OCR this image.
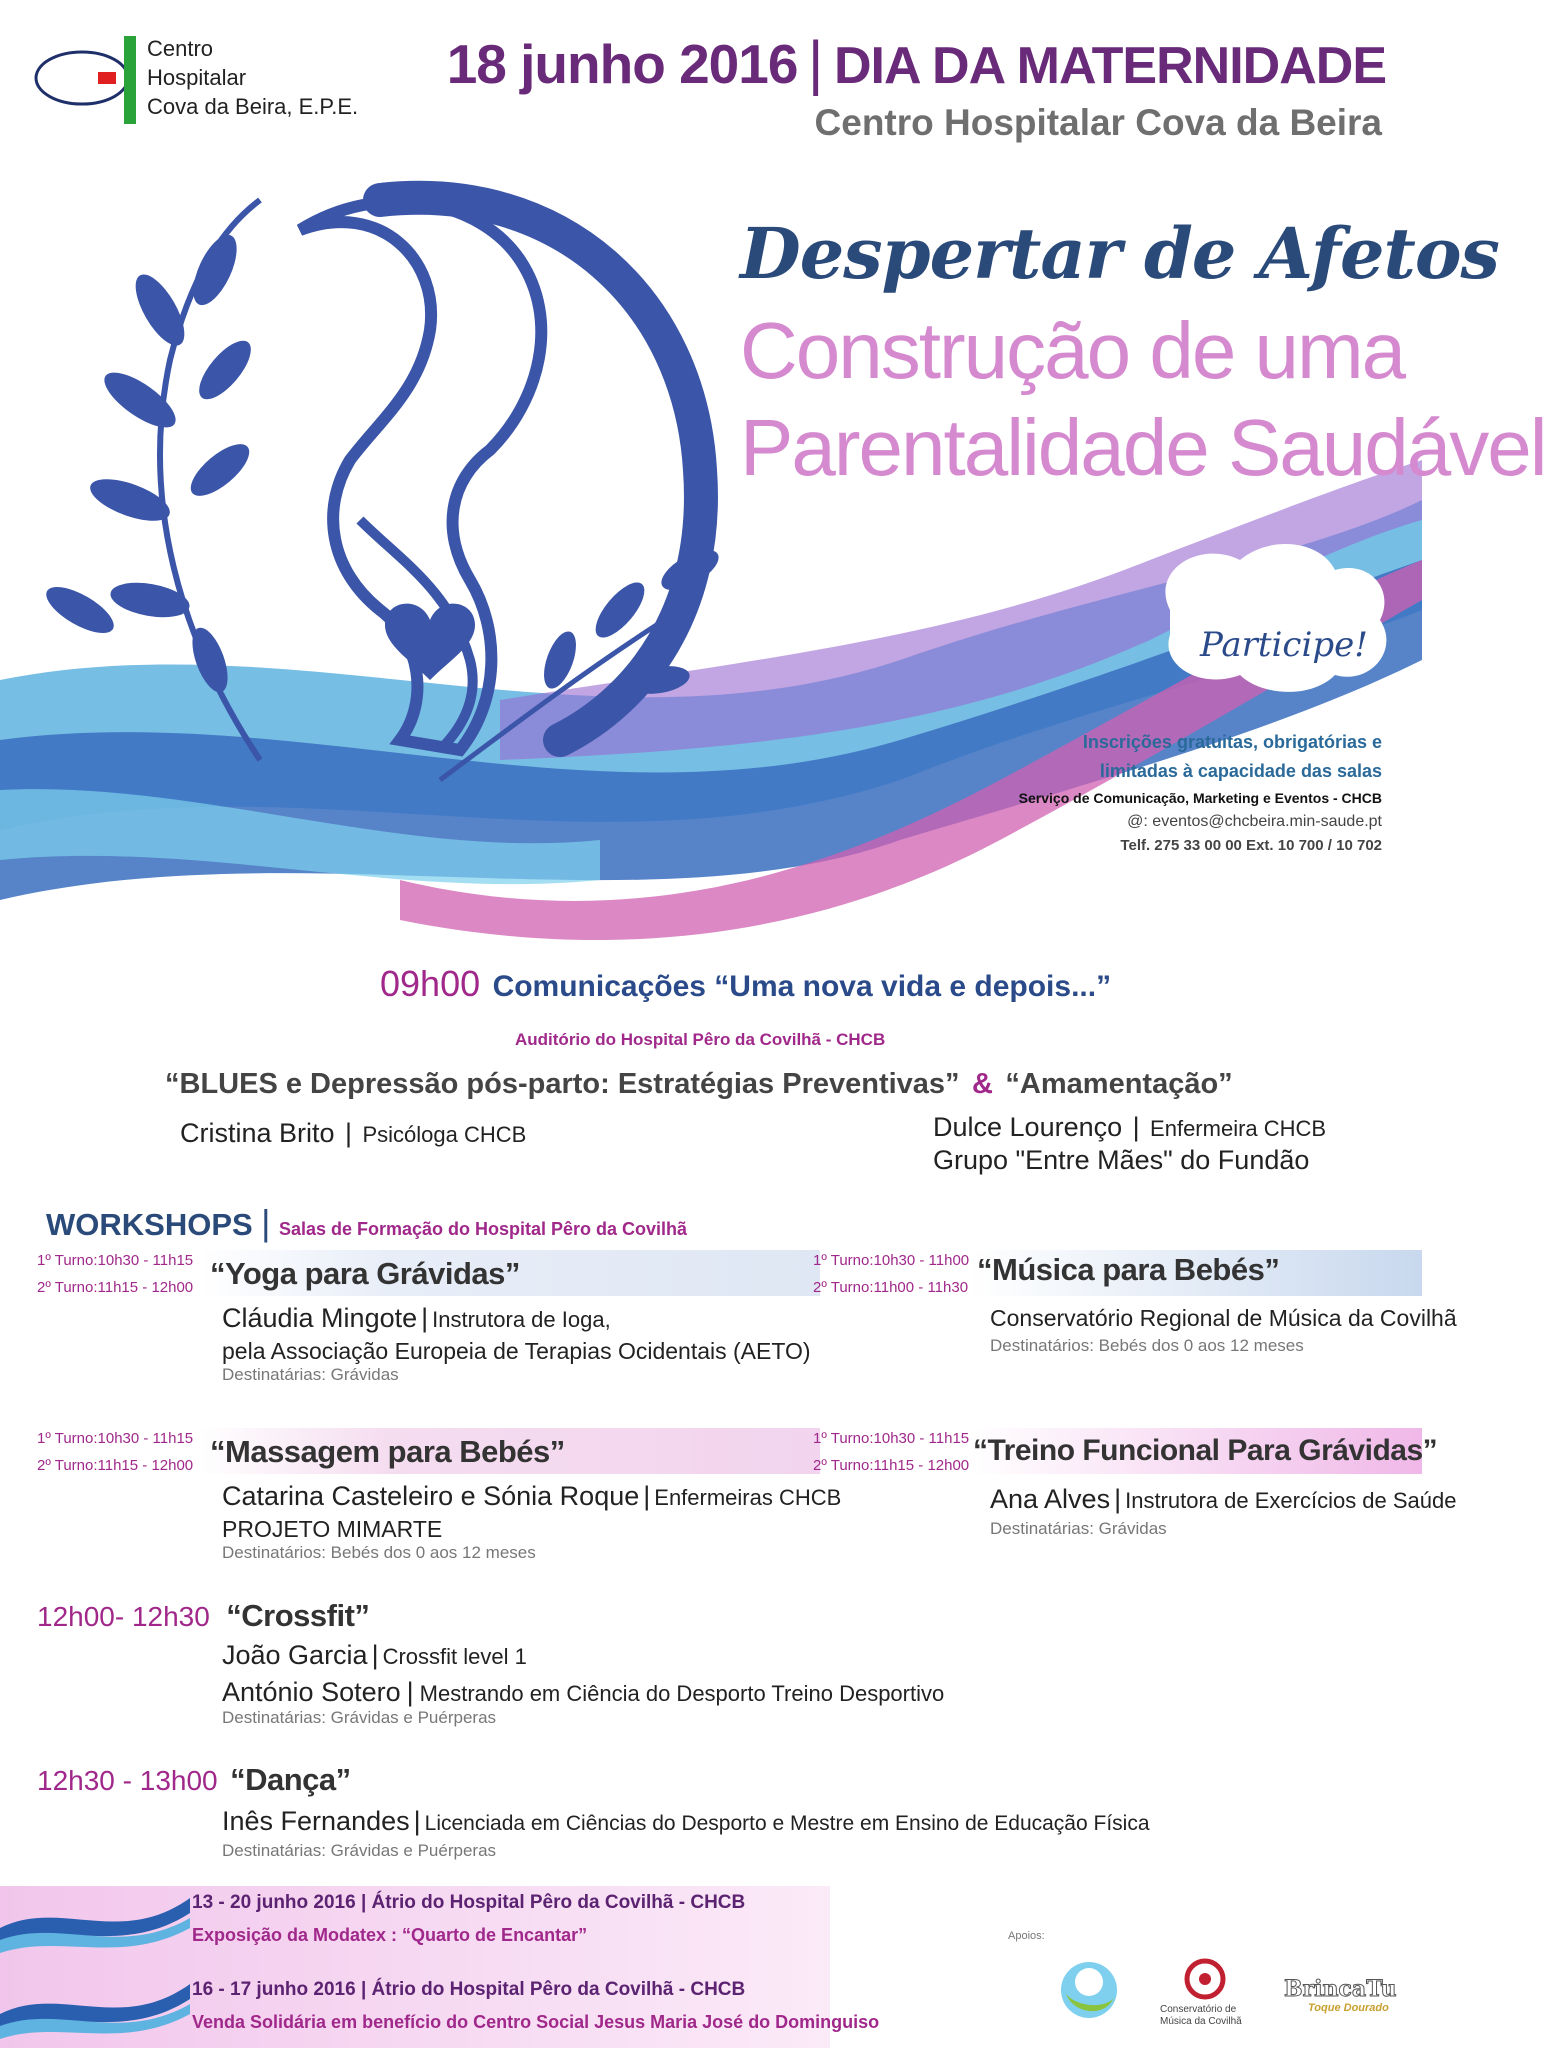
Centro
Hospitalar
Cova da Beira, E.P.E.
18 junho 2016 | DIA DA MATERNIDADE
Centro Hospitalar Cova da Beira
Despertar de Afetos
Construção de uma
Parentalidade Saudável
Participe!
Inscrições gratuitas, obrigatórias e
limitadas à capacidade das salas
Serviço de Comunicação, Marketing e Eventos - CHCB
@: eventos@chcbeira.min-saude.pt
Telf. 275 33 00 00 Ext. 10 700 / 10 702
09h00 Comunicações “Uma nova vida e depois...”
Auditório do Hospital Pêro da Covilhã - CHCB
“BLUES e Depressão pós-parto: Estratégias Preventivas” & “Amamentação”
Cristina Brito | Psicóloga CHCB	Dulce Lourenço | Enfermeira CHCB
Grupo "Entre Mães" do Fundão
WORKSHOPS | Salas de Formação do Hospital Pêro da Covilhã
1º Turno:10h30 - 11h15
2º Turno:11h15 - 12h00 “Yoga para Grávidas”
Cláudia Mingote | Instrutora de Ioga,
pela Associação Europeia de Terapias Ocidentais (AETO)
Destinatárias: Grávidas
1º Turno:10h30 - 11h00
2º Turno:11h00 - 11h30
“Música para Bebés”
Conservatório Regional de Música da Covilhã
Destinatários: Bebés dos 0 aos 12 meses
1º Turno:10h30 - 11h15
2º Turno:11h15 - 12h00 “Massagem para Bebés”
Catarina Casteleiro e Sónia Roque | Enfermeiras CHCB
PROJETO MIMARTE
Destinatários: Bebés dos 0 aos 12 meses
1º Turno:10h30 - 11h15
2º Turno:11h15 - 12h00 “Treino Funcional Para Grávidas”
Ana Alves | Instrutora de Exercícios de Saúde
Destinatárias: Grávidas
12h00- 12h30 “Crossfit”
João Garcia | Crossfit level 1
António Sotero | Mestrando em Ciência do Desporto Treino Desportivo
Destinatárias: Grávidas e Puérperas
12h30 - 13h00 “Dança”
Inês Fernandes | Licenciada em Ciências do Desporto e Mestre em Ensino de Educação Física
Destinatárias: Grávidas e Puérperas
13 - 20 junho 2016 | Átrio do Hospital Pêro da Covilhã - CHCB
Exposição da Modatex : “Quarto de Encantar”
16 - 17 junho 2016 | Átrio do Hospital Pêro da Covilhã - CHCB
Venda Solidária em benefício do Centro Social Jesus Maria José do Dominguiso
Apoios:
Conservatório de
Música da Covilhã
BrincaTu
Toque Dourado
